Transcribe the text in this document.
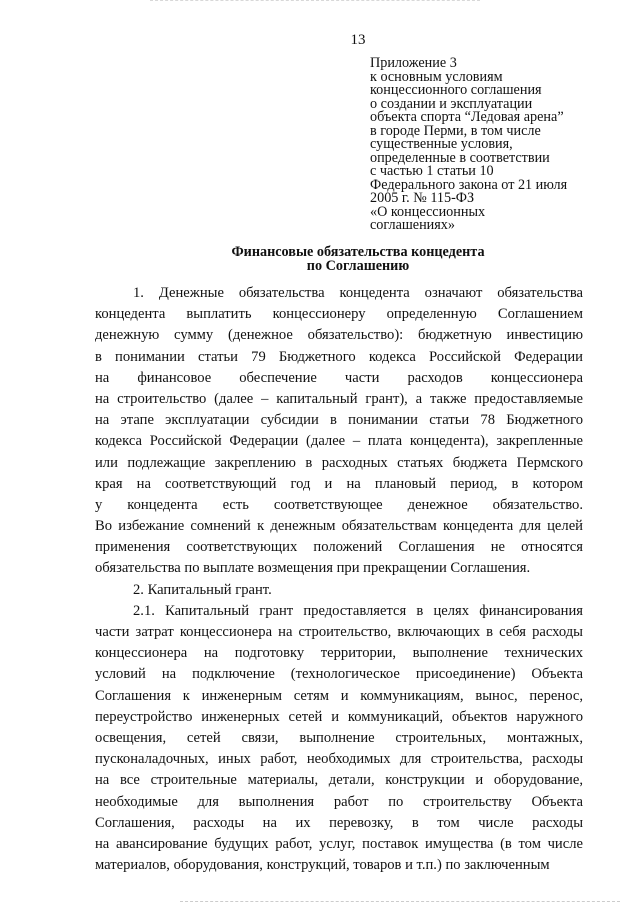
13
Приложение 3
к основным условиям
концессионного соглашения
о создании и эксплуатации
объекта спорта “Ледовая арена”
в городе Перми, в том числе
существенные условия,
определенные в соответствии
с частью 1 статьи 10
Федерального закона от 21 июля
2005 г. № 115-ФЗ
«О концессионных
соглашениях»
Финансовые обязательства концедента
по Соглашению
1. Денежные обязательства концедента означают обязательства
концедента выплатить концессионеру определенную Соглашением
денежную сумму (денежное обязательство): бюджетную инвестицию
в понимании статьи 79 Бюджетного кодекса Российской Федерации
на финансовое обеспечение части расходов концессионера
на строительство (далее – капитальный грант), а также предоставляемые
на этапе эксплуатации субсидии в понимании статьи 78 Бюджетного
кодекса Российской Федерации (далее – плата концедента), закрепленные
или подлежащие закреплению в расходных статьях бюджета Пермского
края на соответствующий год и на плановый период, в котором
у концедента есть соответствующее денежное обязательство.
Во избежание сомнений к денежным обязательствам концедента для целей
применения соответствующих положений Соглашения не относятся
обязательства по выплате возмещения при прекращении Соглашения.
2. Капитальный грант.
2.1. Капитальный грант предоставляется в целях финансирования
части затрат концессионера на строительство, включающих в себя расходы
концессионера на подготовку территории, выполнение технических
условий на подключение (технологическое присоединение) Объекта
Соглашения к инженерным сетям и коммуникациям, вынос, перенос,
переустройство инженерных сетей и коммуникаций, объектов наружного
освещения, сетей связи, выполнение строительных, монтажных,
пусконаладочных, иных работ, необходимых для строительства, расходы
на все строительные материалы, детали, конструкции и оборудование,
необходимые для выполнения работ по строительству Объекта
Соглашения, расходы на их перевозку, в том числе расходы
на авансирование будущих работ, услуг, поставок имущества (в том числе
материалов, оборудования, конструкций, товаров и т.п.) по заключенным
